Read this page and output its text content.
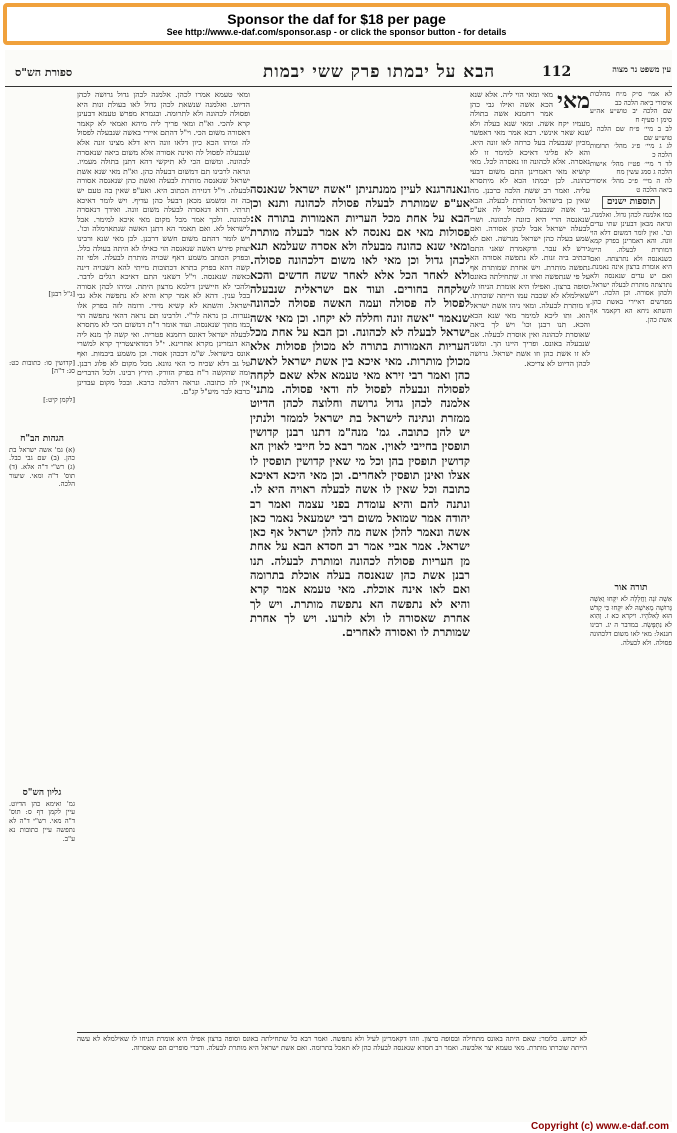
Sponsor the daf for $18 per page
See http://www.e-daf.com/sponsor.asp - or click the sponsor button - for details
ספורת הש"ס	הבא על יבמתו פרק ששי יבמות	112	עין משפט נר מצוה

[ג"ל רבנן]

[קדושין סו: כתובות כט: סנ: ד"ה]

[לקמן קיט:]

הגהות הב"ח

(א) גמ' אשה ישראל בת כהן. (ב) שם גבי כבל. (ג) רש"י ד"ה אלא. (ד) תוס' ד"ה ומאי. שיעור הלכה.

גליון הש"ס

גמ' ואימא כהן הדיוט. עיין לקמן דף ס: תוס' ד"ה מאי. רש"י ד"ה לא נתפשה עיין כתובות נא ע"ב.

ומאי טעמא אמרו לכהן. אלמנה לכהן גדול גרושה לכהן הדיוט. ואלמנה שנשאת לכהן גדול לאו בעולת זנות היא ופסולה לכהונה ולא לתרומה. ובגמרא מפרש טעמא דבעינן קרא להכי. וא"ת ומאי פריך ליה מיהא ואמאי לא קאמר דאסורה משום הכי. וי"ל דהתם איירי באשה שנבעלה לפסול לה ומיהו הכא כיון דלאו זונה היא דלא מצינו זונה אלא שנבעלה לפסול לה ואינה אסורה אלא משום ביאה שנאסרה לכהונה. ומשום הכי לא תיקשי דהא דתנן בתולה מעמיו. ונראה לרבינו תם דמשום דבעלה כהן. וא"ת מאי שנא אשת ישראל שנאנסה מותרת לבעלה ואשת כהן שנאנסה אסורה לבעלה. וי"ל דגזירת הכתוב היא. ואע"פ שאין בה טעם יש בה זה ומשמע מכאן דבעל כהן עדיף. ויש לומר דאיכא תרתי. חדא דנאסרה לבעלה משום זונה. ואידך דנאסרה לכהונה. ולכך אמר מכל מקום מאי איכא למימר. אבל לישראל לא. ואם תאמר הא דתנן האשה שנתארמלה וכו'. ויש לומר דהתם משום חשש דרבנן. לכן מאי שנא ורבינו יצחק פירש דאשה שנאנסה הוי כאילו לא היתה בעולה כלל. ובפרק הכותב משמע דאף שבויה מותרת לבעלה. ולפי זה קשה דהא בפרק בתרא דכתובות מייתי להא דשבויה דינה כאשה שנאנסה. וי"ל דשאני התם דאיכא רגלים לדבר. ולהכי לא חיישינן דילמא מרצון היתה. ומיהו לכהן אסורה בכל ענין. דהא לא אמר קרא והיא לא נתפשה אלא גבי ישראל. והשתא לא קשיא מידי. ודומה לזה בפרק אלו נערות. כן נראה לר"י. ולרבינו תם נראה דהאי נתפשה הוי כמו מתוך שנאנסה. ועוד אומר ר"ת דמשום הכי לא מתסרא לבעלה ישראל דאונס רחמנא פטריה. ואי קשה לך מנא ליה הא דגמרינן מקרא אחרינא. י"ל דמדאיצטריך קרא למשרי אונס בישראל. ש"מ דבכהן אסור. וכן משמע ביבמות. ואף על גב דלא שכיח כי האי גוונא. מכל מקום לא פלוג רבנן. ומה שהקשה ר"ח בפרק הזורק. תירץ רבינו. ולכל הדברים אין לה כתובה. ונראה דהלכה כרבא. ובכל מקום עבדינן כרבא לבר מיע"ל קג"ם.

ונאנהרגנא לעיין ממנתניתן "אשה ישראל שנאנסה אע"פ שמותרת לבעלה פסולה לכהונה ותנא וכן הבא על אחת מכל העריות האמורות בתורה א: פסולות מאי אם נאנסה לא אמר לבעלה מותרת ומאי שנא כהונה מבעלה ולא אסרה שעלמא תנא לכהן גדול וכן מאי לאו משום דלכהונה פסולה. ולא לאחר הכל אלא לאחר ששה חדשים והכא שלקחה בחורים. ועוד אם ישראלית שנבעלה לפסול לה פסולה ועמה האשה פסולה לכהונה שנאמר "אשה זונה וחללה לא יקחו. וכן מאי אשה ישראל לבעלה לא לכהונה. וכן הבא על אחת מכל העריות האמורות בתורה לא מכולן פסולות אלא מכולן מותרות. מאי איכא בין אשת ישראל לאשת כהן ואמר רבי זירא מאי טעמא אלא שאם לקחה לפסולה ונבעלה לפסול לה ודאי פסולה. מתני' אלמנה לכהן גדול גרושה וחלוצה לכהן הדיוט ממזרת ונתינה לישראל בת ישראל לממזר ולנתין יש להן כתובה. גמ' מנה"מ דתנו רבנן קדושין תופסין בחייבי לאוין. אמר רבא כל חייבי לאוין הא קדושין תופסין בהן וכל מי שאין קדושין תופסין לו אצלו ואינן תופסין לאחרים. וכן מאי היכא דאיכא כתובה וכל שאין לו אשה לבעלה ראויה היא לו. ונתנה להם והיא עומדת בפני עצמה ואמר רב יהודה אמר שמואל משום רבי ישמעאל נאמר כאן אשה ונאמר להלן אשה מה להלן ישראל אף כאן ישראל. אמר אביי אמר רב חסדא הבא על אחת מן העריות פסולה לכהונה ומותרת לבעלה. תנו רבנן אשת כהן שנאנסה בעלה אוכלת בתרומה ואם לאו אינה אוכלת. מאי טעמא אמר קרא והיא לא נתפשה הא נתפשה מותרת. ויש לך אחרת שאסורה לו ולא לזרעו. ויש לך אחרת שמותרת לו ואסורה לאחרים.

מאי

מאי ומאי הוי ליה. אלא שנא הכא אשה ואילו גבי כהן אמר רחמנא אשה בתולה מעמיו יקח אשה. ומאי שנא בעלה ולא שנא שאר אינשי. רבא אמר מאי דאפשר מכיון שנבעלה בעל כרחה לאו זונה היא. והא לא פליגי דאיכא למימר זו לא נאסרה. אלא לכהונה וזו נאסרה לכל. מאי קושיא מאי דאמרינן התם משום דבעי כהונה. לכן יבמתו הכא לא מיתסרא עליה. ואמר רב ששת הלכה כרבנן. מה שאין כן בישראל דמותרת לבעלה. הכא גבי אשה שנבעלה לפסול לה אע"פ שנאנסה הרי היא כזונה לכהונה. ושרי לבעלה ישראל אבל לכהן אסורה. ואם שמע בעלה כהן ישראל מגרשה. ואם לא גירש לא עבר. ודקאמרת שאני התם דכתיב ביה זנות. לא נתפשה אסורה הא נתפשה מותרת. ויש אחרת שמותרת אף על פי שנתפשה ואיזו זו. שתחילתה באונס וסופה ברצון. ואפילו היא אומרת הניחו לו שאילמלא לא שכבה עמו הייתה שוכרתו. זו מותרת לבעלה. ומאי ניהו אשת ישראל הוא. ותו ליכא למימר מאי שנא הכא והכא. תנו רבנן וכו' ויש לך ביאה שאוסרת לכהונה ואין אוסרת לבעלה. אם שנבעלה באונס. ופריך היינו הך. ומשני לא זו אשת כהן וזו אשת ישראל. גרושה לכהן הדיוט לא צריכא.

לא אמי׳ ס״ק מ״ח מהלכות איסורי ביאה הלכה כב

שם הלכה יב טוש״ע אה״ע סימן ו סעיף ח

לב ב מיי׳ פ״ח שם הלכה ג טוש״ע שם

לג ג מיי׳ פ״ג מהל׳ תרומות הלכה כ

לד ד מיי׳ פט״ז מהל׳ אישות הלכה ג סמג עשין מח

לה ה מיי׳ פ״כ מהל׳ איסורי ביאה הלכה ט

תוספות ישנים

כמו אלמנה לכהן גדול. ואלמנה. ונראה מכאן דבעינן שתי עדים וכו'. ואין לומר דמשום דלא הוי זונה. והא דאמרינן בפרק קמא דמותרת לבעלה. היינו כשנאנסה ולא נתרצתה. ואם היא אומרת ברצון אינה נאמנת. ואם יש עדים שנאנסה ולא נתרצתה מותרת לבעלה ישראל. ולכהן אסורה. וכן הלכה. ויש מפרשים דאיירי באשת כהן. והשתא ניחא הא דקאמר אף אשת כהן.

תורה אור

אִשָּׁה זֹנָה וַחֲלָלָה לֹא יִקָּחוּ וְאִשָּׁה גְּרוּשָׁה מֵאִישָׁהּ לֹא יִקָּחוּ כִּי קָדֹשׁ הוּא לֵאלֹהָיו. ויקרא כא ז. וְהִוא לֹא נִתְפָּשָׂה. במדבר ה יג. רבינו חננאל: מאי לאו משום דלכהונה פסולה. ולא לבעלה.

לא יכחש. כלומר: שאם היתה באונס מתחילה ובסופה ברצון. וזהו דקאמרינן לעיל ולא נתפשה. ואמר רבא כל שתחילתה באונס וסופה ברצון אפילו היא אומרת הניחו לו שאילמלא לא עשה הייתה שוכרתו מותרת. מאי טעמא יצר אלבשה. ואמר רב חסדא שנאנסה לבעלה כהן לא תאכל בתרומה. ואם אשת ישראל היא מותרת לבעלה. ודברי סופרים הם שאסרוה.

Copyright (c) www.e-daf.com
